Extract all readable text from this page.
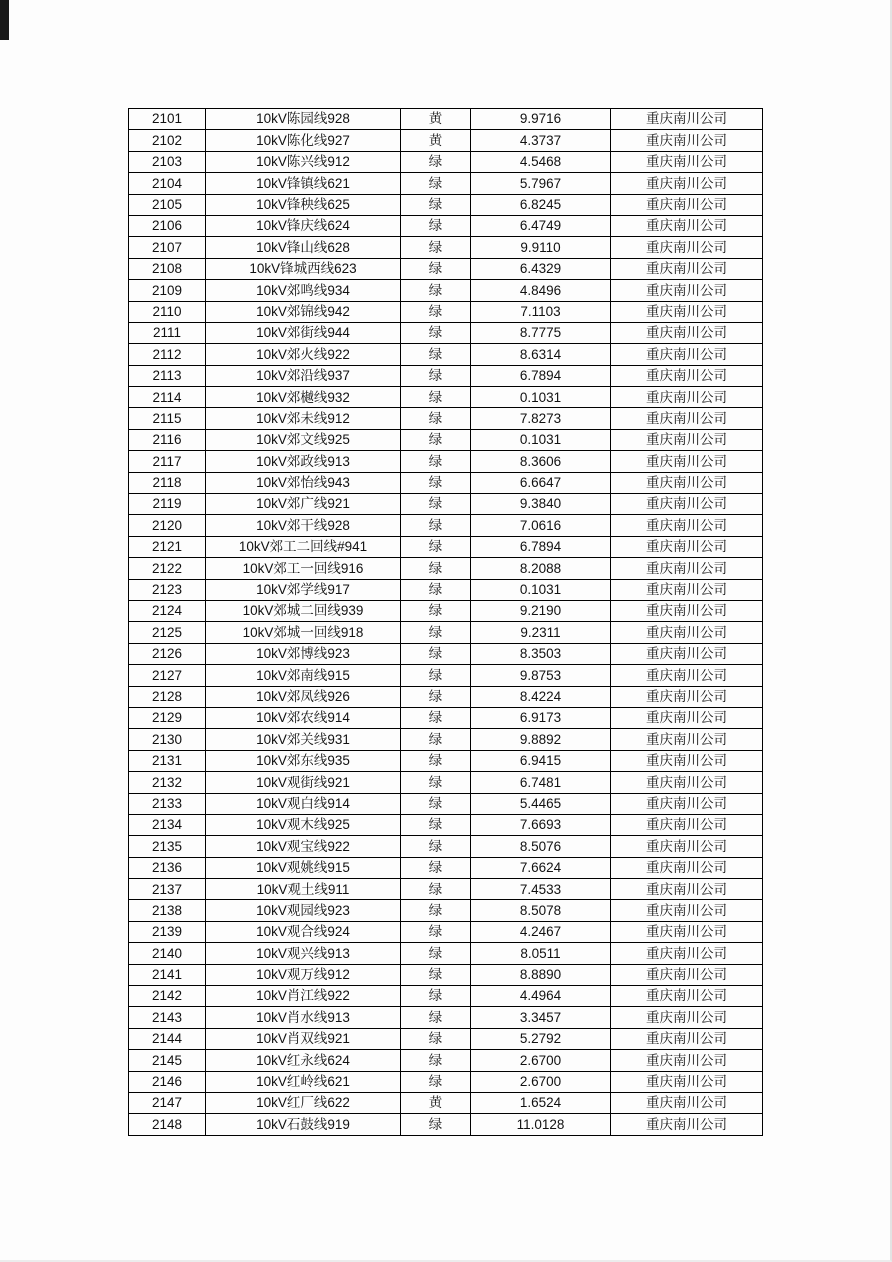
2101	10kV陈园线928	黄	9.9716	重庆南川公司
2102	10kV陈化线927	黄	4.3737	重庆南川公司
2103	10kV陈兴线912	绿	4.5468	重庆南川公司
2104	10kV锋镇线621	绿	5.7967	重庆南川公司
2105	10kV锋秧线625	绿	6.8245	重庆南川公司
2106	10kV锋庆线624	绿	6.4749	重庆南川公司
2107	10kV锋山线628	绿	9.9110	重庆南川公司
2108	10kV锋城西线623	绿	6.4329	重庆南川公司
2109	10kV郊鸣线934	绿	4.8496	重庆南川公司
2110	10kV郊锦线942	绿	7.1103	重庆南川公司
2111	10kV郊街线944	绿	8.7775	重庆南川公司
2112	10kV郊火线922	绿	8.6314	重庆南川公司
2113	10kV郊沿线937	绿	6.7894	重庆南川公司
2114	10kV郊樾线932	绿	0.1031	重庆南川公司
2115	10kV郊未线912	绿	7.8273	重庆南川公司
2116	10kV郊文线925	绿	0.1031	重庆南川公司
2117	10kV郊政线913	绿	8.3606	重庆南川公司
2118	10kV郊怡线943	绿	6.6647	重庆南川公司
2119	10kV郊广线921	绿	9.3840	重庆南川公司
2120	10kV郊干线928	绿	7.0616	重庆南川公司
2121	10kV郊工二回线#941	绿	6.7894	重庆南川公司
2122	10kV郊工一回线916	绿	8.2088	重庆南川公司
2123	10kV郊学线917	绿	0.1031	重庆南川公司
2124	10kV郊城二回线939	绿	9.2190	重庆南川公司
2125	10kV郊城一回线918	绿	9.2311	重庆南川公司
2126	10kV郊博线923	绿	8.3503	重庆南川公司
2127	10kV郊南线915	绿	9.8753	重庆南川公司
2128	10kV郊凤线926	绿	8.4224	重庆南川公司
2129	10kV郊农线914	绿	6.9173	重庆南川公司
2130	10kV郊关线931	绿	9.8892	重庆南川公司
2131	10kV郊东线935	绿	6.9415	重庆南川公司
2132	10kV观街线921	绿	6.7481	重庆南川公司
2133	10kV观白线914	绿	5.4465	重庆南川公司
2134	10kV观木线925	绿	7.6693	重庆南川公司
2135	10kV观宝线922	绿	8.5076	重庆南川公司
2136	10kV观姚线915	绿	7.6624	重庆南川公司
2137	10kV观土线911	绿	7.4533	重庆南川公司
2138	10kV观园线923	绿	8.5078	重庆南川公司
2139	10kV观合线924	绿	4.2467	重庆南川公司
2140	10kV观兴线913	绿	8.0511	重庆南川公司
2141	10kV观万线912	绿	8.8890	重庆南川公司
2142	10kV肖江线922	绿	4.4964	重庆南川公司
2143	10kV肖水线913	绿	3.3457	重庆南川公司
2144	10kV肖双线921	绿	5.2792	重庆南川公司
2145	10kV红永线624	绿	2.6700	重庆南川公司
2146	10kV红岭线621	绿	2.6700	重庆南川公司
2147	10kV红厂线622	黄	1.6524	重庆南川公司
2148	10kV石鼓线919	绿	11.0128	重庆南川公司
